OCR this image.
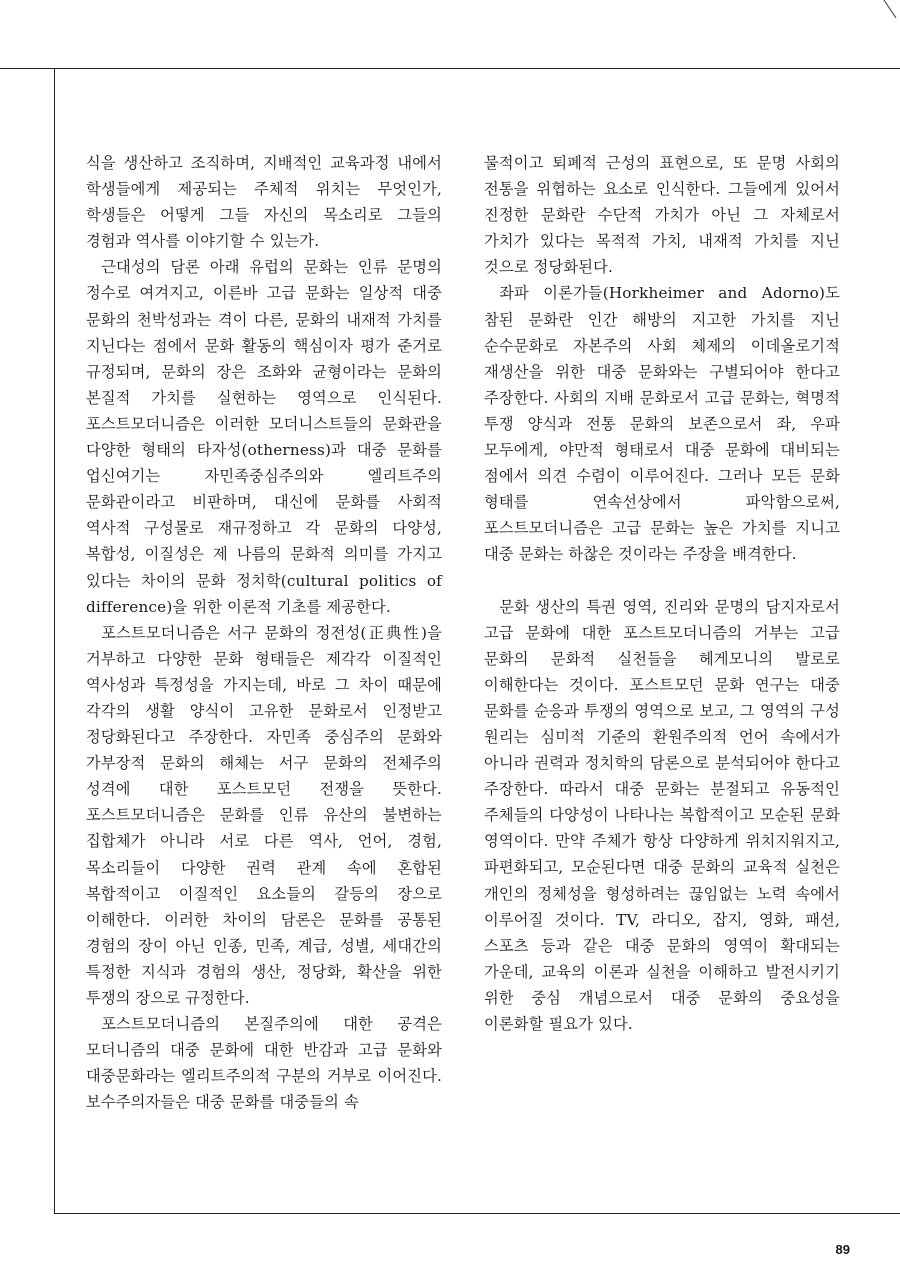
식을 생산하고 조직하며, 지배적인 교육과정 내에서 학생들에게 제공되는 주체적 위치는 무엇인가, 학생들은 어떻게 그들 자신의 목소리로 그들의 경험과 역사를 이야기할 수 있는가.

근대성의 담론 아래 유럽의 문화는 인류 문명의 정수로 여겨지고, 이른바 고급 문화는 일상적 대중 문화의 천박성과는 격이 다른, 문화의 내재적 가치를 지닌다는 점에서 문화 활동의 핵심이자 평가 준거로 규정되며, 문화의 장은 조화와 균형이라는 문화의 본질적 가치를 실현하는 영역으로 인식된다. 포스트모더니즘은 이러한 모더니스트들의 문화관을 다양한 형태의 타자성(otherness)과 대중 문화를 업신여기는 자민족중심주의와 엘리트주의 문화관이라고 비판하며, 대신에 문화를 사회적 역사적 구성물로 재규정하고 각 문화의 다양성, 복합성, 이질성은 제 나름의 문화적 의미를 가지고 있다는 차이의 문화 정치학(cultural politics of difference)을 위한 이론적 기초를 제공한다.

포스트모더니즘은 서구 문화의 정전성(正典性)을 거부하고 다양한 문화 형태들은 제각각 이질적인 역사성과 특정성을 가지는데, 바로 그 차이 때문에 각각의 생활 양식이 고유한 문화로서 인정받고 정당화된다고 주장한다. 자민족 중심주의 문화와 가부장적 문화의 해체는 서구 문화의 전체주의 성격에 대한 포스트모던 전쟁을 뜻한다. 포스트모더니즘은 문화를 인류 유산의 불변하는 집합체가 아니라 서로 다른 역사, 언어, 경험, 목소리들이 다양한 권력 관계 속에 혼합된 복합적이고 이질적인 요소들의 갈등의 장으로 이해한다. 이러한 차이의 담론은 문화를 공통된 경험의 장이 아닌 인종, 민족, 계급, 성별, 세대간의 특정한 지식과 경험의 생산, 정당화, 확산을 위한 투쟁의 장으로 규정한다.

포스트모더니즘의 본질주의에 대한 공격은 모더니즘의 대중 문화에 대한 반감과 고급 문화와 대중문화라는 엘리트주의적 구분의 거부로 이어진다. 보수주의자들은 대중 문화를 대중들의 속

물적이고 퇴폐적 근성의 표현으로, 또 문명 사회의 전통을 위협하는 요소로 인식한다. 그들에게 있어서 진정한 문화란 수단적 가치가 아닌 그 자체로서 가치가 있다는 목적적 가치, 내재적 가치를 지닌 것으로 정당화된다.

좌파 이론가들(Horkheimer and Adorno)도 참된 문화란 인간 해방의 지고한 가치를 지닌 순수문화로 자본주의 사회 체제의 이데올로기적 재생산을 위한 대중 문화와는 구별되어야 한다고 주장한다. 사회의 지배 문화로서 고급 문화는, 혁명적 투쟁 양식과 전통 문화의 보존으로서 좌, 우파 모두에게, 야만적 형태로서 대중 문화에 대비되는 점에서 의견 수렴이 이루어진다. 그러나 모든 문화 형태를 연속선상에서 파악함으로써, 포스트모더니즘은 고급 문화는 높은 가치를 지니고 대중 문화는 하찮은 것이라는 주장을 배격한다.

문화 생산의 특권 영역, 진리와 문명의 담지자로서 고급 문화에 대한 포스트모더니즘의 거부는 고급 문화의 문화적 실천들을 헤게모니의 발로로 이해한다는 것이다. 포스트모던 문화 연구는 대중 문화를 순응과 투쟁의 영역으로 보고, 그 영역의 구성 원리는 심미적 기준의 환원주의적 언어 속에서가 아니라 권력과 정치학의 담론으로 분석되어야 한다고 주장한다. 따라서 대중 문화는 분절되고 유동적인 주체들의 다양성이 나타나는 복합적이고 모순된 문화 영역이다. 만약 주체가 항상 다양하게 위치지워지고, 파편화되고, 모순된다면 대중 문화의 교육적 실천은 개인의 정체성을 형성하려는 끊임없는 노력 속에서 이루어질 것이다. TV, 라디오, 잡지, 영화, 패션, 스포츠 등과 같은 대중 문화의 영역이 확대되는 가운데, 교육의 이론과 실천을 이해하고 발전시키기 위한 중심 개념으로서 대중 문화의 중요성을 이론화할 필요가 있다.

89
